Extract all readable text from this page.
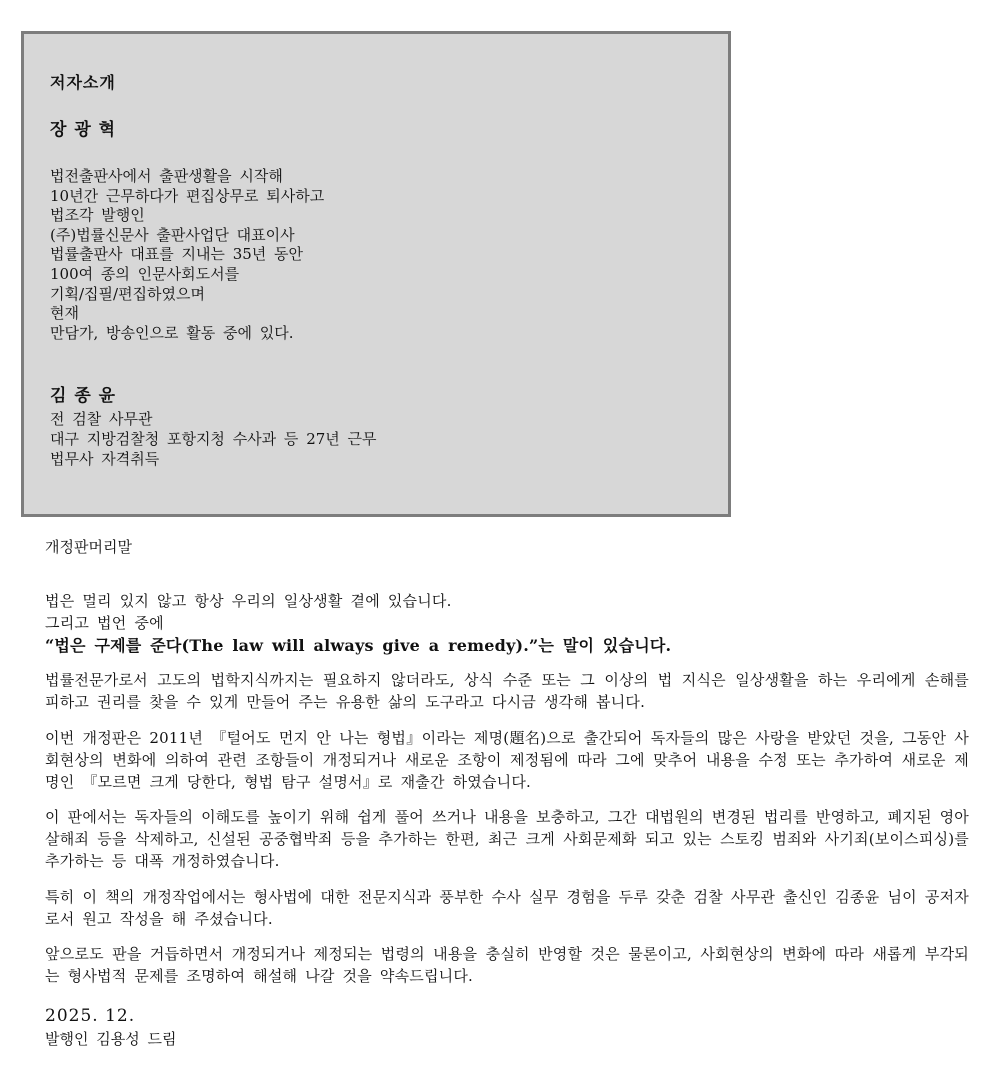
저자소개
장 광 혁
법전출판사에서 출판생활을 시작해
10년간 근무하다가 편집상무로 퇴사하고
법조각 발행인
(주)법률신문사 출판사업단 대표이사
법률출판사 대표를 지내는 35년 동안
100여 종의 인문사회도서를
기획/집필/편집하였으며
현재
만담가, 방송인으로 활동 중에 있다.
김 종 윤
전 검찰 사무관
대구 지방검찰청 포항지청 수사과 등 27년 근무
법무사 자격취득
개정판머리말
법은 멀리 있지 않고 항상 우리의 일상생활 곁에 있습니다.
그리고 법언 중에
“법은 구제를 준다(The law will always give a remedy).”는 말이 있습니다.
법률전문가로서 고도의 법학지식까지는 필요하지 않더라도, 상식 수준 또는 그 이상의 법 지식은 일상생활을 하는 우리에게 손해를 피하고 권리를 찾을 수 있게 만들어 주는 유용한 삶의 도구라고 다시금 생각해 봅니다.
이번 개정판은 2011년 『털어도 먼지 안 나는 형법』이라는 제명(題名)으로 출간되어 독자들의 많은 사랑을 받았던 것을, 그동안 사회현상의 변화에 의하여 관련 조항들이 개정되거나 새로운 조항이 제정됨에 따라 그에 맞추어 내용을 수정 또는 추가하여 새로운 제명인 『모르면 크게 당한다, 형법 탐구 설명서』로 재출간 하였습니다.
이 판에서는 독자들의 이해도를 높이기 위해 쉽게 풀어 쓰거나 내용을 보충하고, 그간 대법원의 변경된 법리를 반영하고, 폐지된 영아살해죄 등을 삭제하고, 신설된 공중협박죄 등을 추가하는 한편, 최근 크게 사회문제화 되고 있는 스토킹 범죄와 사기죄(보이스피싱)를 추가하는 등 대폭 개정하였습니다.
특히 이 책의 개정작업에서는 형사법에 대한 전문지식과 풍부한 수사 실무 경험을 두루 갖춘 검찰 사무관 출신인 김종윤 님이 공저자로서 원고 작성을 해 주셨습니다.
앞으로도 판을 거듭하면서 개정되거나 제정되는 법령의 내용을 충실히 반영할 것은 물론이고, 사회현상의 변화에 따라 새롭게 부각되는 형사법적 문제를 조명하여 해설해 나갈 것을 약속드립니다.
2025. 12.
발행인 김용성 드림
